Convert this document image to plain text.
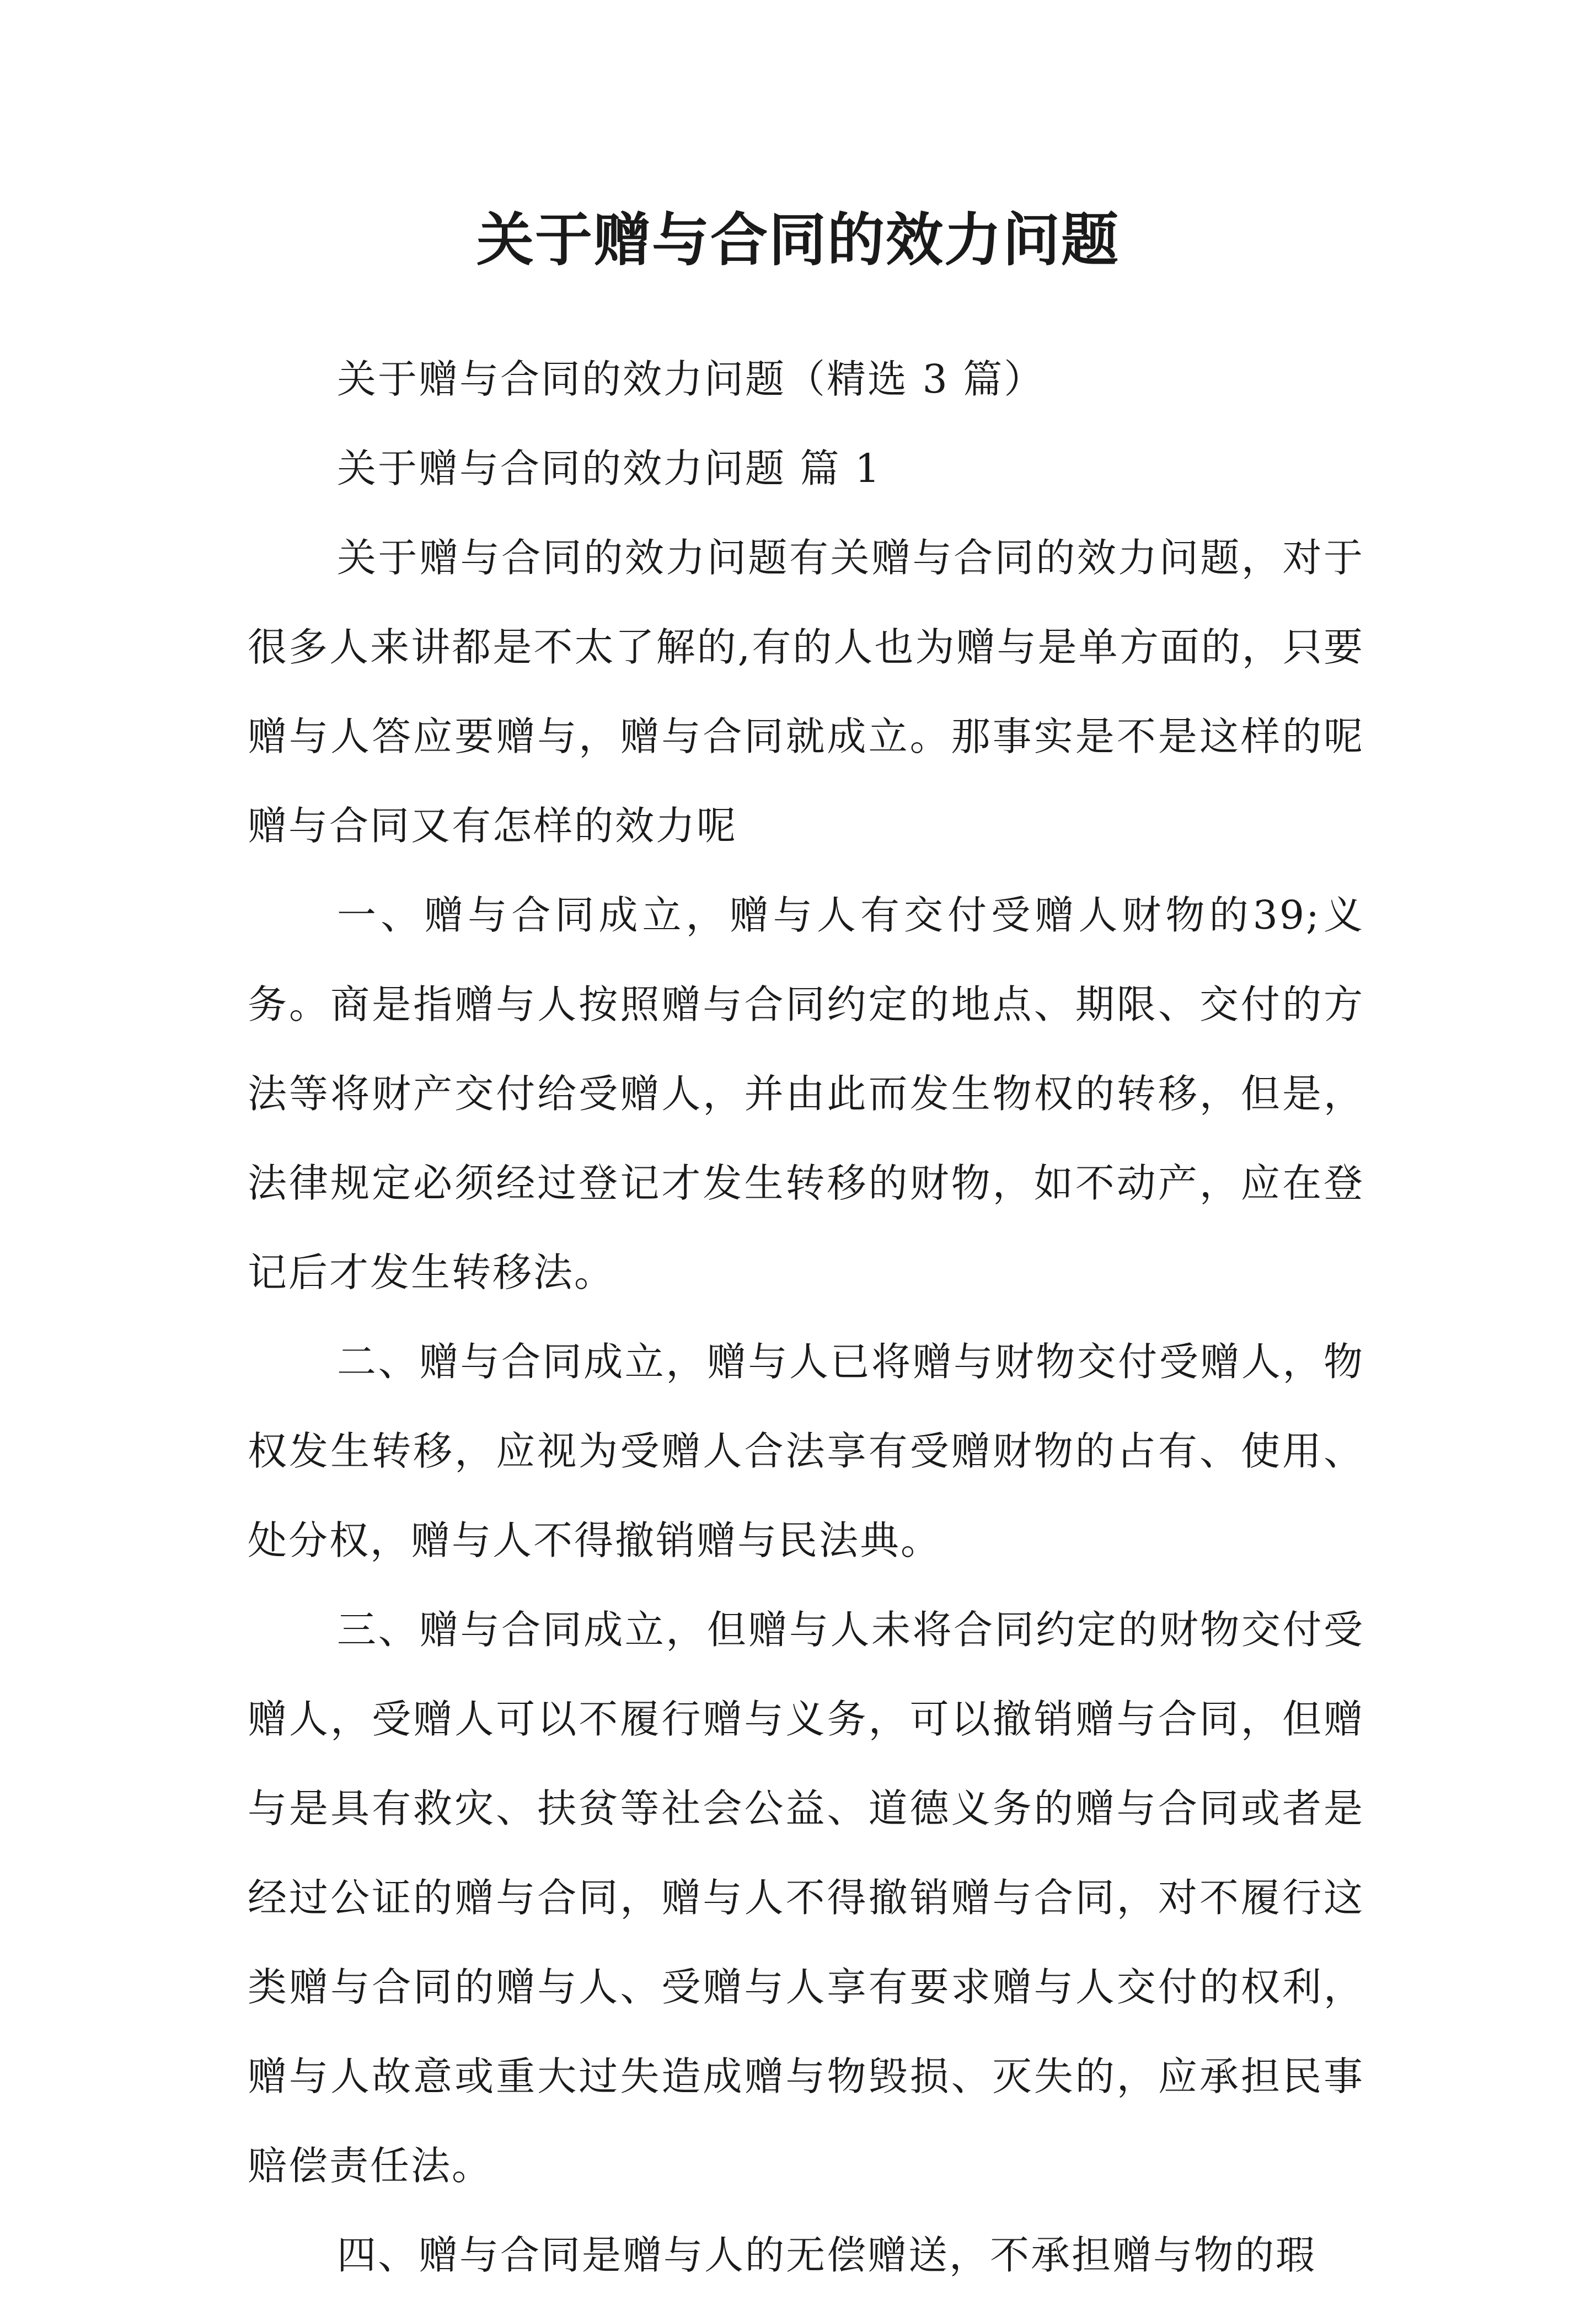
关于赠与合同的效力问题

关于赠与合同的效力问题（精选 3 篇）

关于赠与合同的效力问题 篇 1

关于赠与合同的效力问题有关赠与合同的效力问题，对于很多人来讲都是不太了解的,有的人也为赠与是单方面的，只要赠与人答应要赠与，赠与合同就成立。那事实是不是这样的呢赠与合同又有怎样的效力呢

一、赠与合同成立，赠与人有交付受赠人财物的39;义务。商是指赠与人按照赠与合同约定的地点、期限、交付的方法等将财产交付给受赠人，并由此而发生物权的转移，但是，法律规定必须经过登记才发生转移的财物，如不动产，应在登记后才发生转移法。

二、赠与合同成立，赠与人已将赠与财物交付受赠人，物权发生转移，应视为受赠人合法享有受赠财物的占有、使用、处分权，赠与人不得撤销赠与民法典。

三、赠与合同成立，但赠与人未将合同约定的财物交付受赠人，受赠人可以不履行赠与义务，可以撤销赠与合同，但赠与是具有救灾、扶贫等社会公益、道德义务的赠与合同或者是经过公证的赠与合同，赠与人不得撤销赠与合同，对不履行这类赠与合同的赠与人、受赠与人享有要求赠与人交付的权利，赠与人故意或重大过失造成赠与物毁损、灭失的，应承担民事赔偿责任法。

四、赠与合同是赠与人的无偿赠送，不承担赠与物的瑕
